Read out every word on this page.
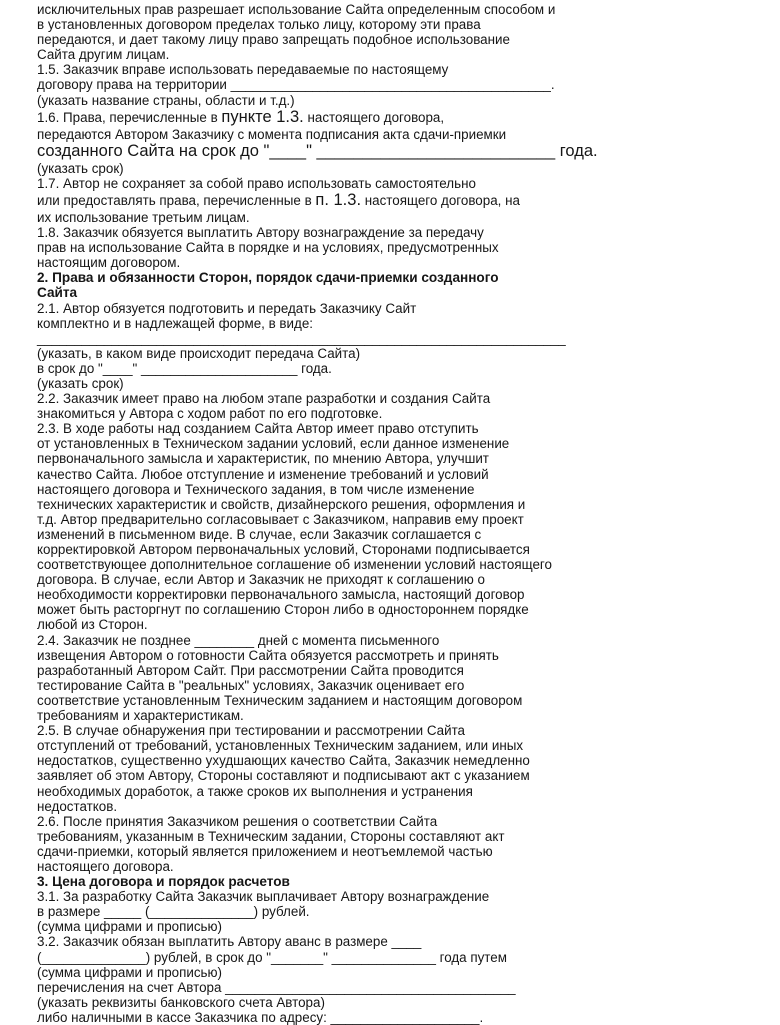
исключительных прав разрешает использование Сайта определенным способом и
в установленных договором пределах только лицу, которому эти права
передаются, и дает такому лицу право запрещать подобное использование
Сайта другим лицам.
1.5. Заказчик вправе использовать передаваемые по настоящему
договору права на территории ___________________________________________.
(указать название страны, области и т.д.)
1.6. Права, перечисленные в пункте 1.3. настоящего договора,
передаются Автором Заказчику с момента подписания акта сдачи-приемки
созданного Сайта на срок до "____" __________________________ года.
(указать срок)
1.7. Автор не сохраняет за собой право использовать самостоятельно
или предоставлять права, перечисленные в п. 1.3. настоящего договора, на
их использование третьим лицам.
1.8. Заказчик обязуется выплатить Автору вознаграждение за передачу
прав на использование Сайта в порядке и на условиях, предусмотренных
настоящим договором.
2. Права и обязанности Сторон, порядок сдачи-приемки созданного
Сайта
2.1. Автор обязуется подготовить и передать Заказчику Сайт
комплектно и в надлежащей форме, в виде:
_______________________________________________________________________
(указать, в каком виде происходит передача Сайта)
в срок до "____" _____________________ года.
(указать срок)
2.2. Заказчик имеет право на любом этапе разработки и создания Сайта
знакомиться у Автора с ходом работ по его подготовке.
2.3. В ходе работы над созданием Сайта Автор имеет право отступить
от установленных в Техническом задании условий, если данное изменение
первоначального замысла и характеристик, по мнению Автора, улучшит
качество Сайта. Любое отступление и изменение требований и условий
настоящего договора и Технического задания, в том числе изменение
технических характеристик и свойств, дизайнерского решения, оформления и
т.д. Автор предварительно согласовывает с Заказчиком, направив ему проект
изменений в письменном виде. В случае, если Заказчик соглашается с
корректировкой Автором первоначальных условий, Сторонами подписывается
соответствующее дополнительное соглашение об изменении условий настоящего
договора. В случае, если Автор и Заказчик не приходят к соглашению о
необходимости корректировки первоначального замысла, настоящий договор
может быть расторгнут по соглашению Сторон либо в одностороннем порядке
любой из Сторон.
2.4. Заказчик не позднее ________ дней с момента письменного
извещения Автором о готовности Сайта обязуется рассмотреть и принять
разработанный Автором Сайт. При рассмотрении Сайта проводится
тестирование Сайта в "реальных" условиях, Заказчик оценивает его
соответствие установленным Техническим заданием и настоящим договором
требованиям и характеристикам.
2.5. В случае обнаружения при тестировании и рассмотрении Сайта
отступлений от требований, установленных Техническим заданием, или иных
недостатков, существенно ухудшающих качество Сайта, Заказчик немедленно
заявляет об этом Автору, Стороны составляют и подписывают акт с указанием
необходимых доработок, а также сроков их выполнения и устранения
недостатков.
2.6. После принятия Заказчиком решения о соответствии Сайта
требованиям, указанным в Техническим задании, Стороны составляют акт
сдачи-приемки, который является приложением и неотъемлемой частью
настоящего договора.
3. Цена договора и порядок расчетов
3.1. За разработку Сайта Заказчик выплачивает Автору вознаграждение
в размере _____ (______________) рублей.
(сумма цифрами и прописью)
3.2. Заказчик обязан выплатить Автору аванс в размере ____
(______________) рублей, в срок до "_______" ______________ года путем
(сумма цифрами и прописью)
перечисления на счет Автора _______________________________________
(указать реквизиты банковского счета Автора)
либо наличными в кассе Заказчика по адресу: ____________________.
